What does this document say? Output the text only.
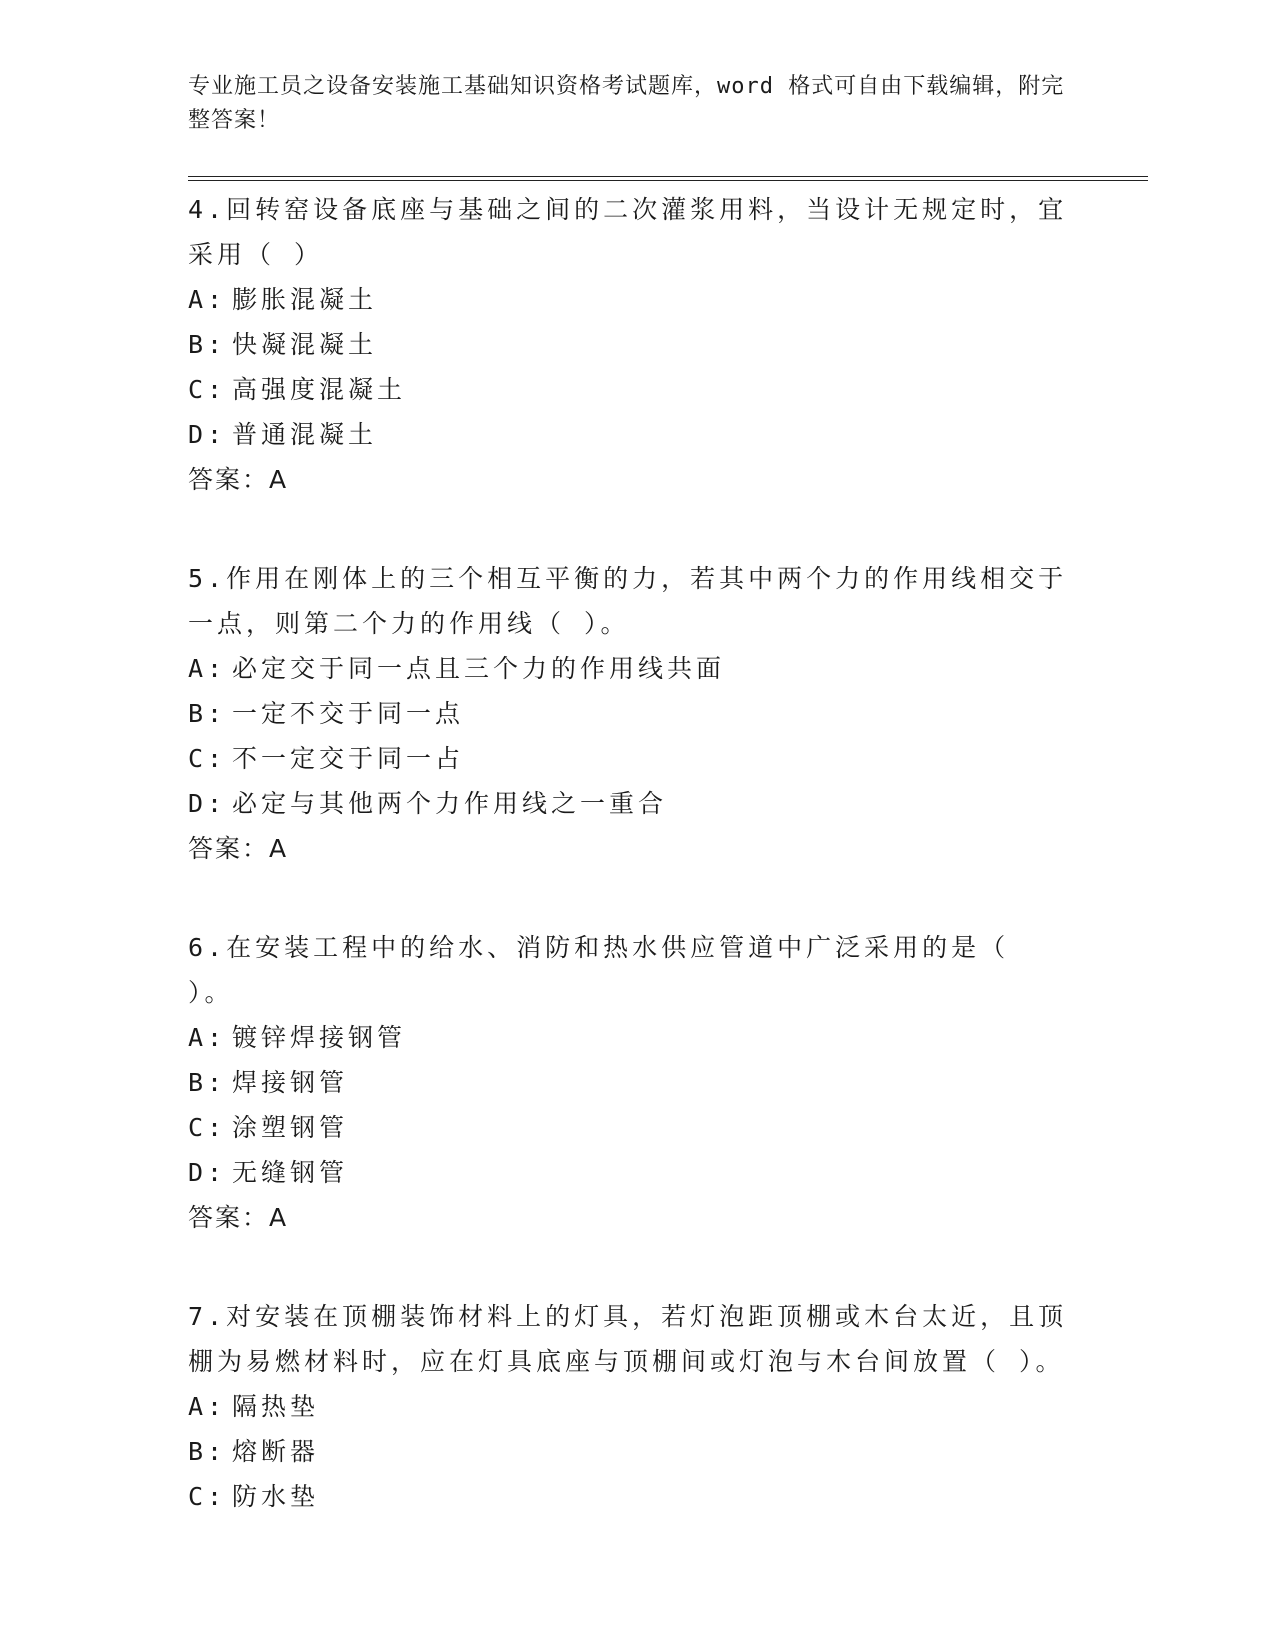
专业施工员之设备安装施工基础知识资格考试题库，word 格式可自由下载编辑，附完整答案！
4.回转窑设备底座与基础之间的二次灌浆用料，当设计无规定时，宜采用（ ）
A: 膨胀混凝土
B: 快凝混凝土
C: 高强度混凝土
D: 普通混凝土
答案：A
5.作用在刚体上的三个相互平衡的力，若其中两个力的作用线相交于一点，则第二个力的作用线（ ）。
A: 必定交于同一点且三个力的作用线共面
B: 一定不交于同一点
C: 不一定交于同一占
D: 必定与其他两个力作用线之一重合
答案：A
6.在安装工程中的给水、消防和热水供应管道中广泛采用的是（ ）。
A: 镀锌焊接钢管
B: 焊接钢管
C: 涂塑钢管
D: 无缝钢管
答案：A
7.对安装在顶棚装饰材料上的灯具，若灯泡距顶棚或木台太近，且顶棚为易燃材料时，应在灯具底座与顶棚间或灯泡与木台间放置（ ）。
A: 隔热垫
B: 熔断器
C: 防水垫
